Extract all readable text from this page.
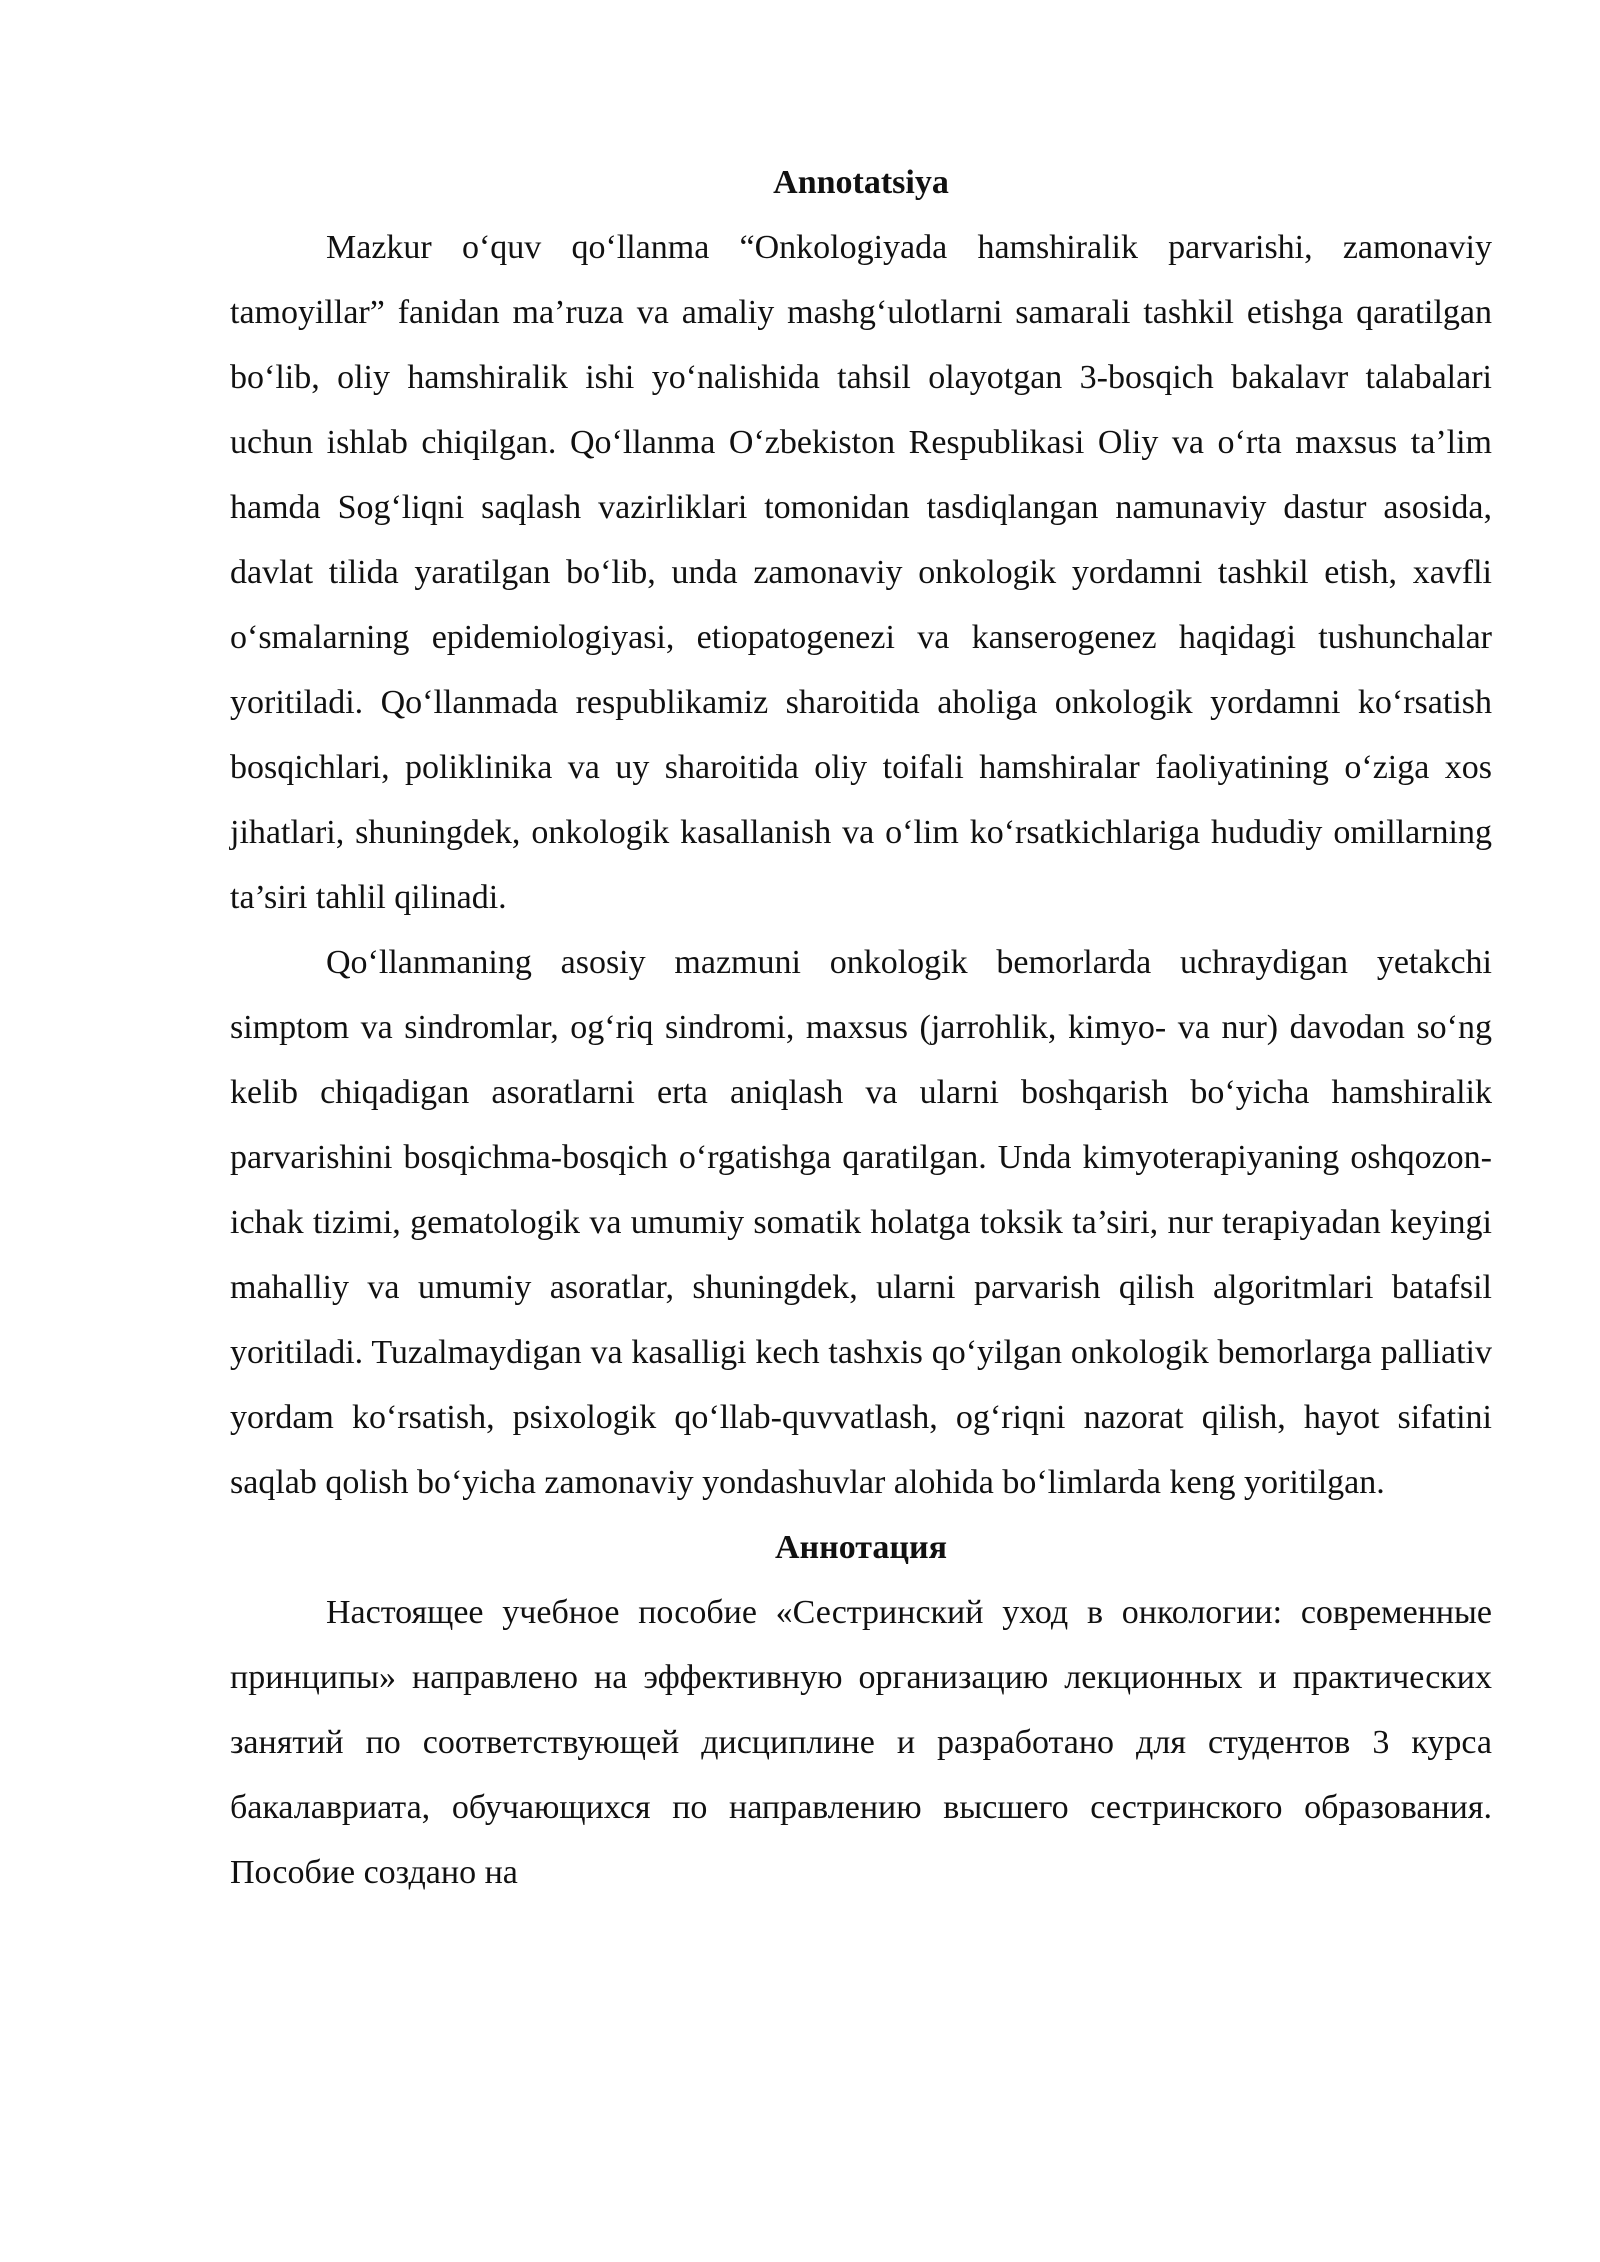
Annotatsiya

Mazkur o‘quv qo‘llanma “Onkologiyada hamshiralik parvarishi, zamonaviy tamoyillar” fanidan ma’ruza va amaliy mashg‘ulotlarni samarali tashkil etishga qaratilgan bo‘lib, oliy hamshiralik ishi yo‘nalishida tahsil olayotgan 3-bosqich bakalavr talabalari uchun ishlab chiqilgan. Qo‘llanma O‘zbekiston Respublikasi Oliy va o‘rta maxsus ta’lim hamda Sog‘liqni saqlash vazirliklari tomonidan tasdiqlangan namunaviy dastur asosida, davlat tilida yaratilgan bo‘lib, unda zamonaviy onkologik yordamni tashkil etish, xavfli o‘smalarning epidemiologiyasi, etiopatogenezi va kanserogenez haqidagi tushunchalar yoritiladi. Qo‘llanmada respublikamiz sharoitida aholiga onkologik yordamni ko‘rsatish bosqichlari, poliklinika va uy sharoitida oliy toifali hamshiralar faoliyatining o‘ziga xos jihatlari, shuningdek, onkologik kasallanish va o‘lim ko‘rsatkichlariga hududiy omillarning ta’siri tahlil qilinadi.

Qo‘llanmaning asosiy mazmuni onkologik bemorlarda uchraydigan yetakchi simptom va sindromlar, og‘riq sindromi, maxsus (jarrohlik, kimyo- va nur) davodan so‘ng kelib chiqadigan asoratlarni erta aniqlash va ularni boshqarish bo‘yicha hamshiralik parvarishini bosqichma-bosqich o‘rgatishga qaratilgan. Unda kimyoterapiyaning oshqozon-ichak tizimi, gematologik va umumiy somatik holatga toksik ta’siri, nur terapiyadan keyingi mahalliy va umumiy asoratlar, shuningdek, ularni parvarish qilish algoritmlari batafsil yoritiladi. Tuzalmaydigan va kasalligi kech tashxis qo‘yilgan onkologik bemorlarga palliativ yordam ko‘rsatish, psixologik qo‘llab-quvvatlash, og‘riqni nazorat qilish, hayot sifatini saqlab qolish bo‘yicha zamonaviy yondashuvlar alohida bo‘limlarda keng yoritilgan.

Аннотация

Настоящее учебное пособие «Сестринский уход в онкологии: современные принципы» направлено на эффективную организацию лекционных и практических занятий по соответствующей дисциплине и разработано для студентов 3 курса бакалавриата, обучающихся по направлению высшего сестринского образования. Пособие создано на
